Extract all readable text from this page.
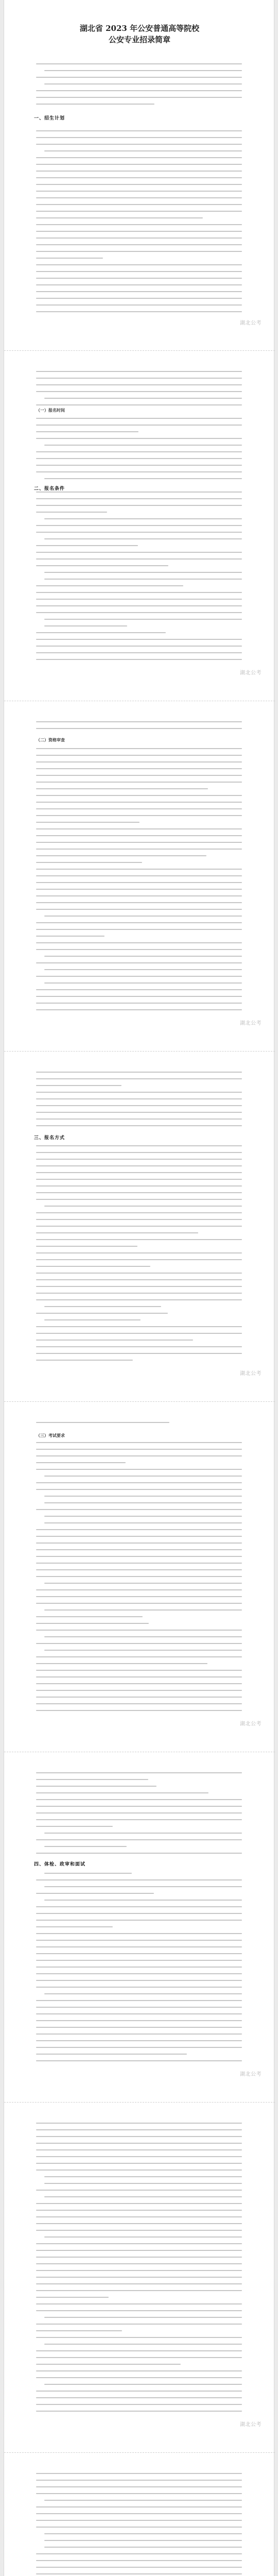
湖北省 2023 年公安普通高等院校
公安专业招录简章
一、招生计划
湖北公考
（一）报名时间
二、报名条件
湖北公考
（二）资格审查
湖北公考
三、报名方式
湖北公考
（三）考试要求
湖北公考
四、体检、政审和面试
湖北公考
湖北公考
